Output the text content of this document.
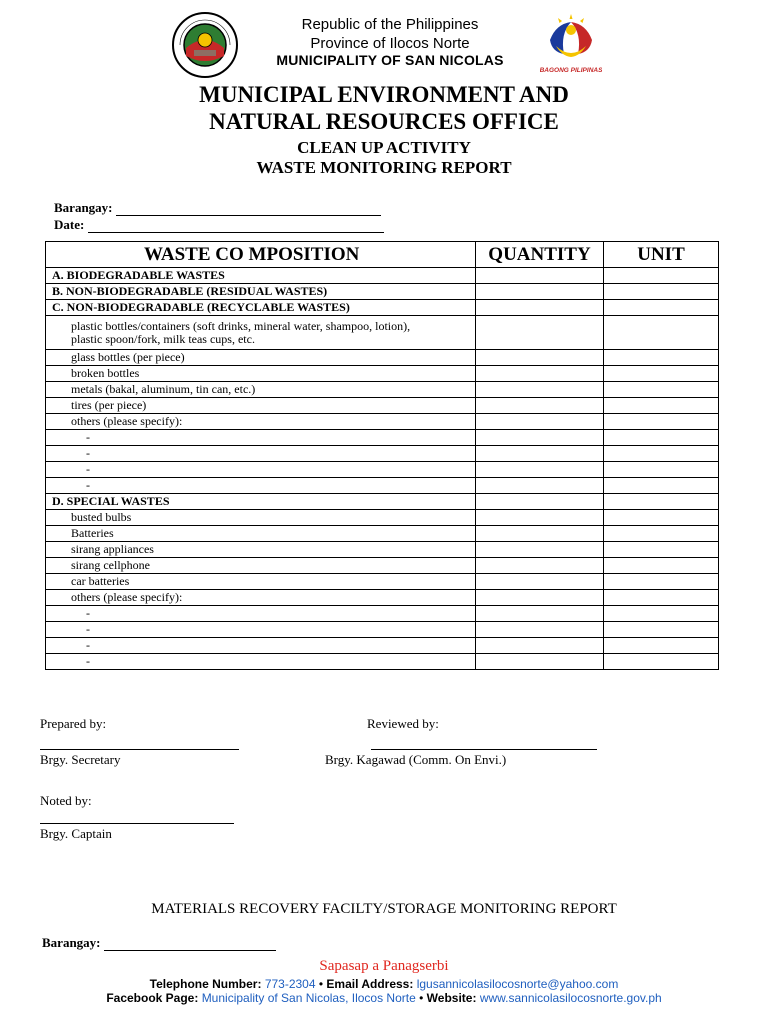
Republic of the Philippines
Province of Ilocos Norte
MUNICIPALITY OF SAN NICOLAS
BAGONG PILIPINAS
MUNICIPAL ENVIRONMENT AND
NATURAL RESOURCES OFFICE
CLEAN UP ACTIVITY
WASTE MONITORING REPORT
Barangay:
Date:
WASTE CO MPOSITION	QUANTITY	UNIT
A. BIODEGRADABLE WASTES		
B. NON-BIODEGRADABLE (RESIDUAL WASTES)		
C. NON-BIODEGRADABLE (RECYCLABLE WASTES)		
plastic bottles/containers (soft drinks, mineral water, shampoo, lotion), plastic spoon/fork, milk teas cups, etc.		
glass bottles (per piece)		
broken bottles		
metals (bakal, aluminum, tin can, etc.)		
tires (per piece)		
others (please specify):		
-		
-		
-		
-		
D. SPECIAL WASTES		
busted bulbs		
Batteries		
sirang appliances		
sirang cellphone		
car batteries		
others (please specify):		
-		
-		
-		
-		
Prepared by:
Brgy. Secretary
Reviewed by:
Brgy. Kagawad (Comm. On Envi.)
Noted by:
Brgy. Captain
MATERIALS RECOVERY FACILTY/STORAGE MONITORING REPORT
Barangay:
Sapasap a Panagserbi
Telephone Number: 773-2304 • Email Address: lgusannicolasilocosnorte@yahoo.com
Facebook Page: Municipality of San Nicolas, Ilocos Norte • Website: www.sannicolasilocosnorte.gov.ph
